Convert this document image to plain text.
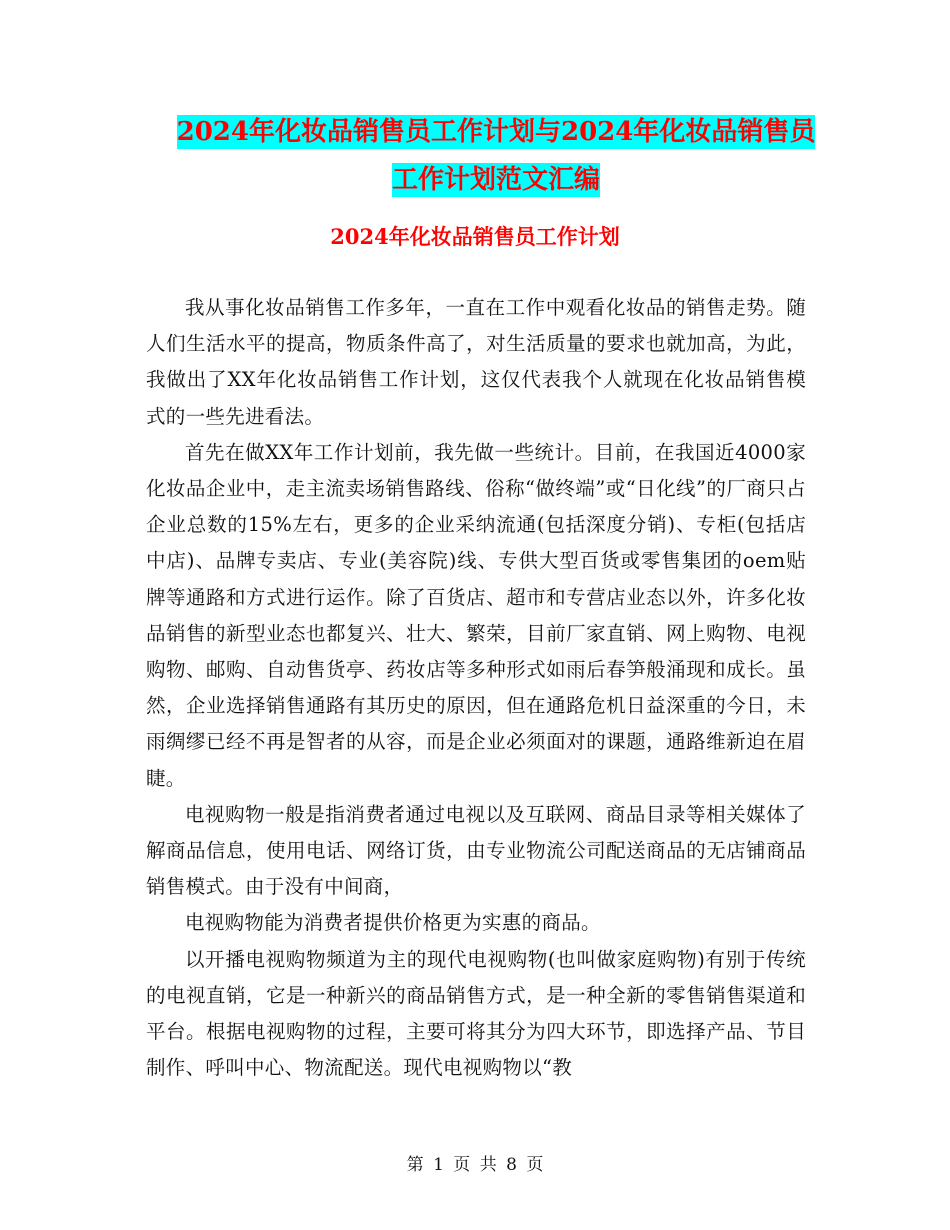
2024年化妆品销售员工作计划与2024年化妆品销售员
工作计划范文汇编
2024年化妆品销售员工作计划

我从事化妆品销售工作多年，一直在工作中观看化妆品的销售走势。随人们生活水平的提高，物质条件高了，对生活质量的要求也就加高，为此，我做出了XX年化妆品销售工作计划，这仅代表我个人就现在化妆品销售模式的一些先进看法。

首先在做XX年工作计划前，我先做一些统计。目前，在我国近4000家化妆品企业中，走主流卖场销售路线、俗称“做终端”或“日化线”的厂商只占企业总数的15%左右，更多的企业采纳流通(包括深度分销)、专柜(包括店中店)、品牌专卖店、专业(美容院)线、专供大型百货或零售集团的oem贴牌等通路和方式进行运作。除了百货店、超市和专营店业态以外，许多化妆品销售的新型业态也都复兴、壮大、繁荣，目前厂家直销、网上购物、电视购物、邮购、自动售货亭、药妆店等多种形式如雨后春笋般涌现和成长。虽然，企业选择销售通路有其历史的原因，但在通路危机日益深重的今日，未雨绸缪已经不再是智者的从容，而是企业必须面对的课题，通路维新迫在眉睫。

电视购物一般是指消费者通过电视以及互联网、商品目录等相关媒体了解商品信息，使用电话、网络订货，由专业物流公司配送商品的无店铺商品销售模式。由于没有中间商，

电视购物能为消费者提供价格更为实惠的商品。

以开播电视购物频道为主的现代电视购物(也叫做家庭购物)有别于传统的电视直销，它是一种新兴的商品销售方式，是一种全新的零售销售渠道和平台。根据电视购物的过程，主要可将其分为四大环节，即选择产品、节目制作、呼叫中心、物流配送。现代电视购物以“教

第 1 页 共 8 页
